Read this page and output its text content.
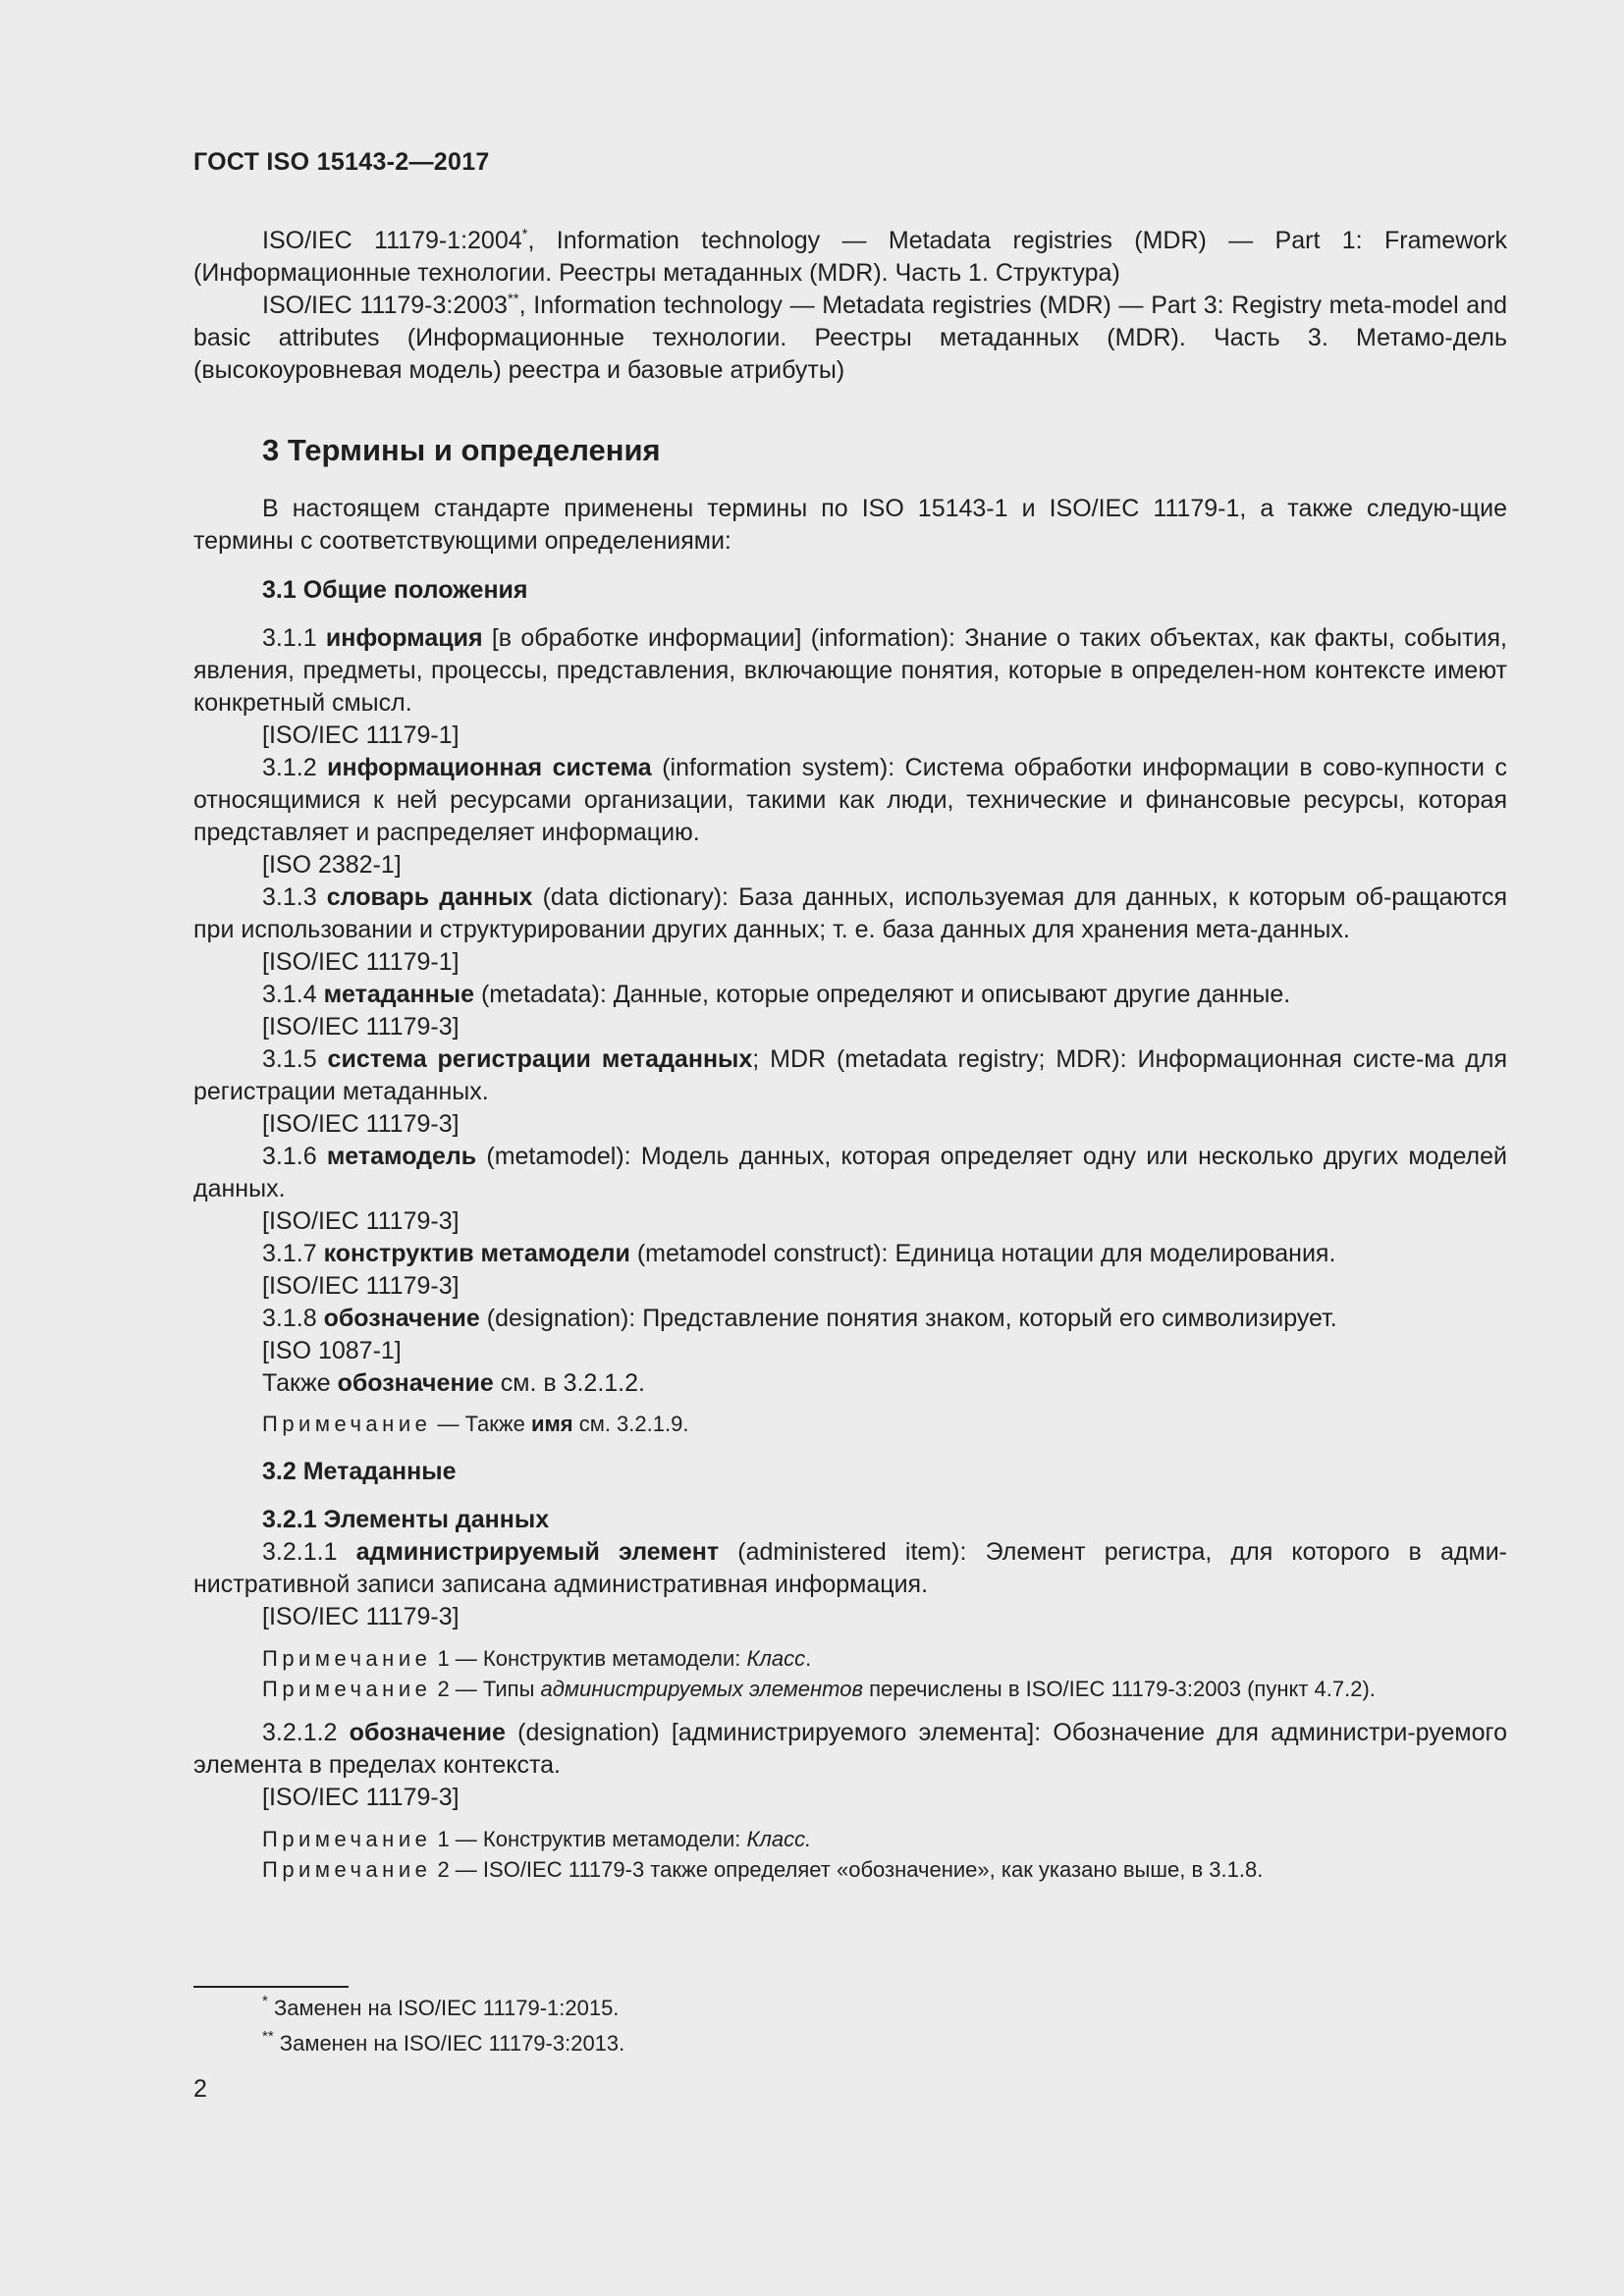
ГОСТ ISO 15143-2—2017

ISO/IEC 11179-1:2004*, Information technology — Metadata registries (MDR) — Part 1: Framework (Информационные технологии. Реестры метаданных (MDR). Часть 1. Структура)

ISO/IEC 11179-3:2003**, Information technology — Metadata registries (MDR) — Part 3: Registry meta-model and basic attributes (Информационные технологии. Реестры метаданных (MDR). Часть 3. Метамо-дель (высокоуровневая модель) реестра и базовые атрибуты)

3 Термины и определения

В настоящем стандарте применены термины по ISO 15143-1 и ISO/IEC 11179-1, а также следую-щие термины с соответствующими определениями:

3.1 Общие положения

3.1.1 информация [в обработке информации] (information): Знание о таких объектах, как факты, события, явления, предметы, процессы, представления, включающие понятия, которые в определен-ном контексте имеют конкретный смысл.

[ISO/IEC 11179-1]

3.1.2 информационная система (information system): Система обработки информации в сово-купности с относящимися к ней ресурсами организации, такими как люди, технические и финансовые ресурсы, которая представляет и распределяет информацию.

[ISO 2382-1]

3.1.3 словарь данных (data dictionary): База данных, используемая для данных, к которым об-ращаются при использовании и структурировании других данных; т. е. база данных для хранения мета-данных.

[ISO/IEC 11179-1]

3.1.4 метаданные (metadata): Данные, которые определяют и описывают другие данные.

[ISO/IEC 11179-3]

3.1.5 система регистрации метаданных; MDR (metadata registry; MDR): Информационная систе-ма для регистрации метаданных.

[ISO/IEC 11179-3]

3.1.6 метамодель (metamodel): Модель данных, которая определяет одну или несколько других моделей данных.

[ISO/IEC 11179-3]

3.1.7 конструктив метамодели (metamodel construct): Единица нотации для моделирования.

[ISO/IEC 11179-3]

3.1.8 обозначение (designation): Представление понятия знаком, который его символизирует.

[ISO 1087-1]

Также обозначение см. в 3.2.1.2.

Примечание — Также имя см. 3.2.1.9.

3.2 Метаданные

3.2.1 Элементы данных

3.2.1.1 администрируемый элемент (administered item): Элемент регистра, для которого в адми-нистративной записи записана административная информация.

[ISO/IEC 11179-3]

Примечание 1 — Конструктив метамодели: Класс.

Примечание 2 — Типы администрируемых элементов перечислены в ISO/IEC 11179-3:2003 (пункт 4.7.2).

3.2.1.2 обозначение (designation) [администрируемого элемента]: Обозначение для администри-руемого элемента в пределах контекста.

[ISO/IEC 11179-3]

Примечание 1 — Конструктив метамодели: Класс.

Примечание 2 — ISO/IEC 11179-3 также определяет «обозначение», как указано выше, в 3.1.8.

* Заменен на ISO/IEC 11179-1:2015.
** Заменен на ISO/IEC 11179-3:2013.
2
